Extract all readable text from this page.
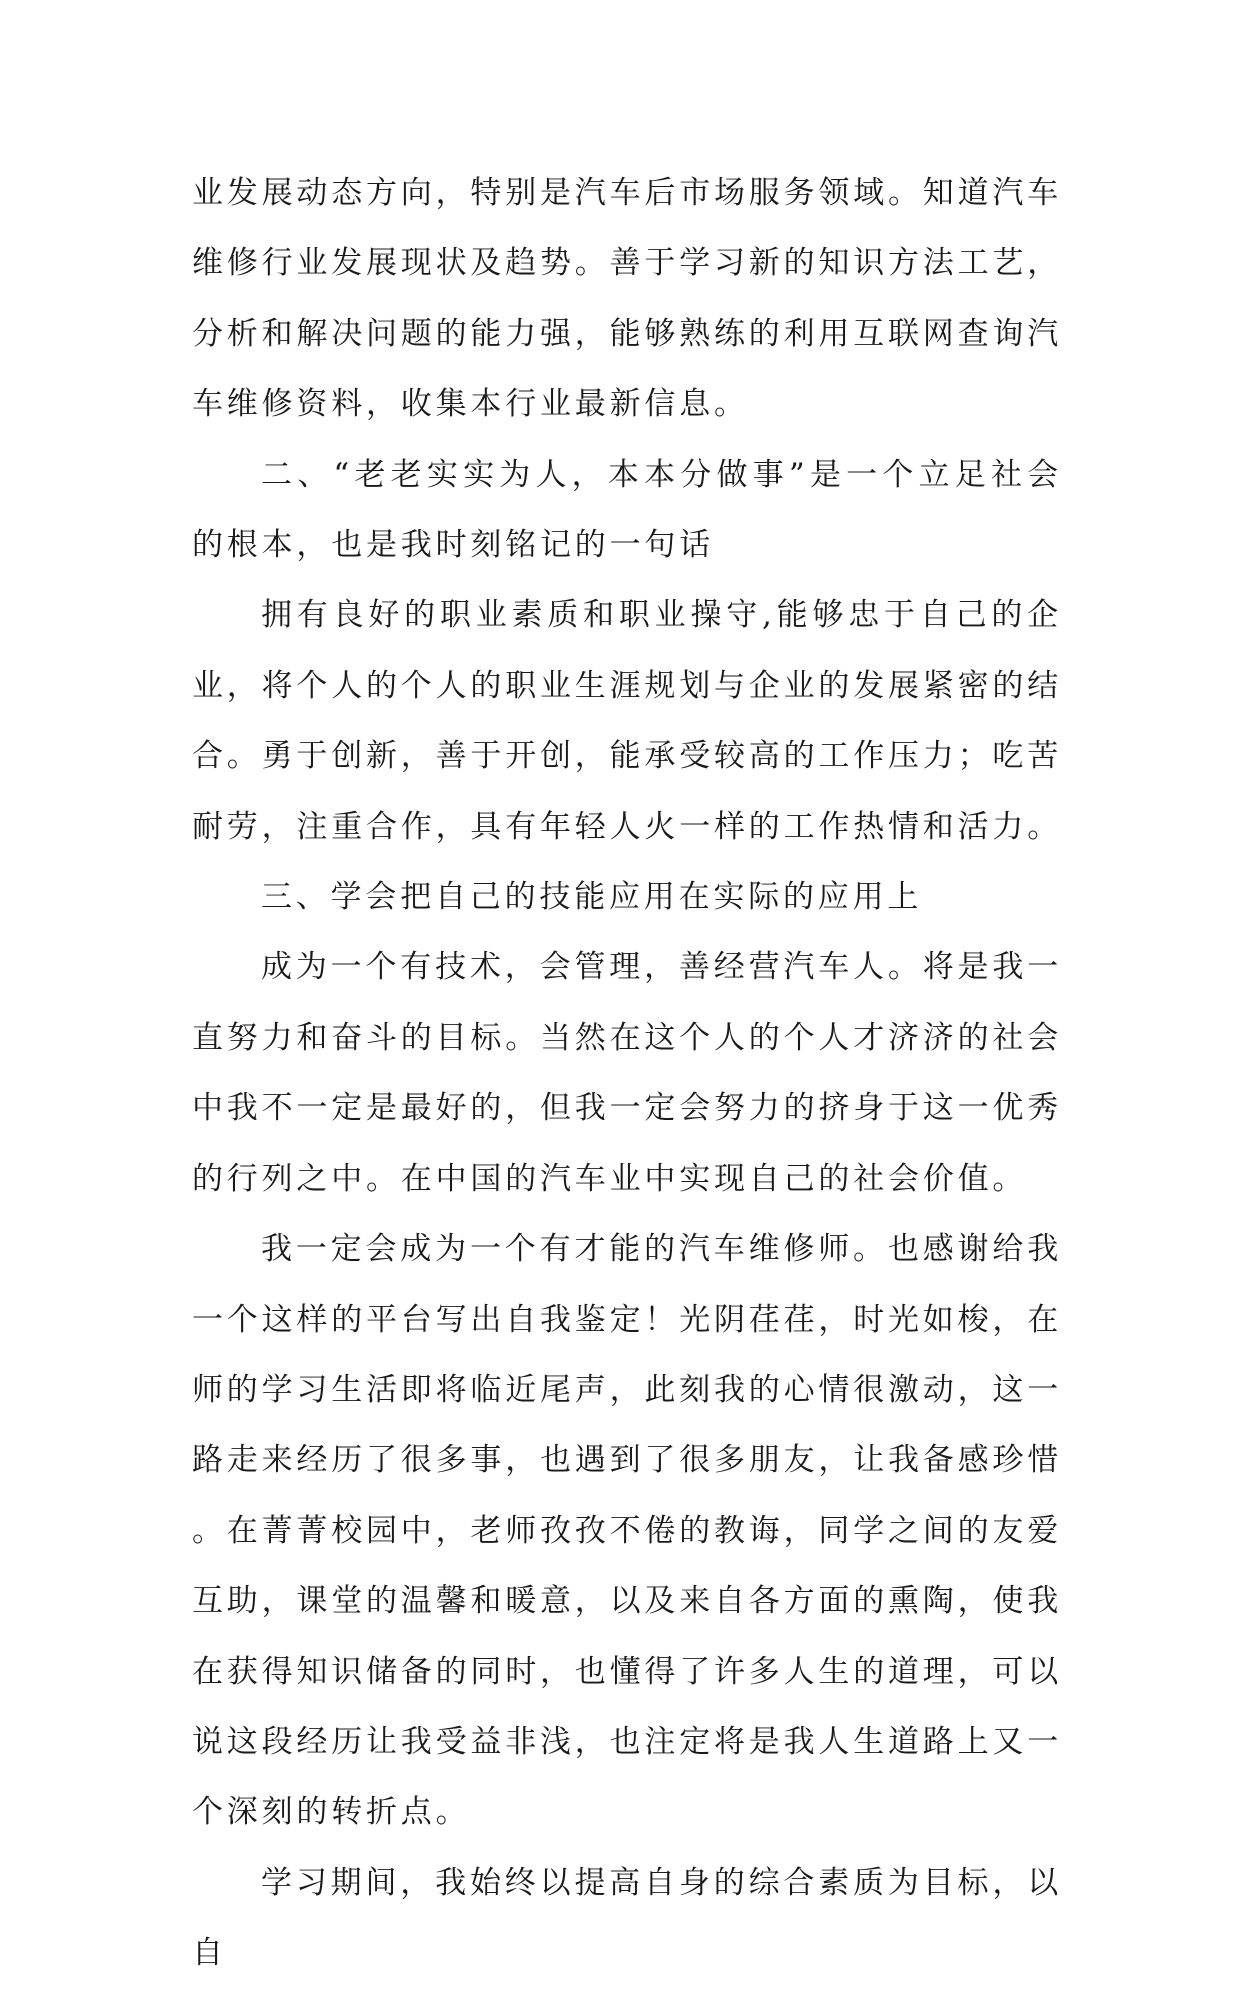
业发展动态方向，特别是汽车后市场服务领域。知道汽车维修行业发展现状及趋势。善于学习新的知识方法工艺，分析和解决问题的能力强，能够熟练的利用互联网查询汽车维修资料，收集本行业最新信息。

二、“老老实实为人，本本分做事”是一个立足社会的根本，也是我时刻铭记的一句话

拥有良好的职业素质和职业操守,能够忠于自己的企业，将个人的个人的职业生涯规划与企业的发展紧密的结合。勇于创新，善于开创，能承受较高的工作压力；吃苦耐劳，注重合作，具有年轻人火一样的工作热情和活力。

三、学会把自己的技能应用在实际的应用上

成为一个有技术，会管理，善经营汽车人。将是我一直努力和奋斗的目标。当然在这个人的个人才济济的社会中我不一定是最好的，但我一定会努力的挤身于这一优秀的行列之中。在中国的汽车业中实现自己的社会价值。

我一定会成为一个有才能的汽车维修师。也感谢给我一个这样的平台写出自我鉴定！光阴荏荏，时光如梭，在师的学习生活即将临近尾声，此刻我的心情很激动，这一路走来经历了很多事，也遇到了很多朋友，让我备感珍惜。在菁菁校园中，老师孜孜不倦的教诲，同学之间的友爱互助，课堂的温馨和暖意，以及来自各方面的熏陶，使我在获得知识储备的同时，也懂得了许多人生的道理，可以说这段经历让我受益非浅，也注定将是我人生道路上又一个深刻的转折点。

学习期间，我始终以提高自身的综合素质为目标，以自
